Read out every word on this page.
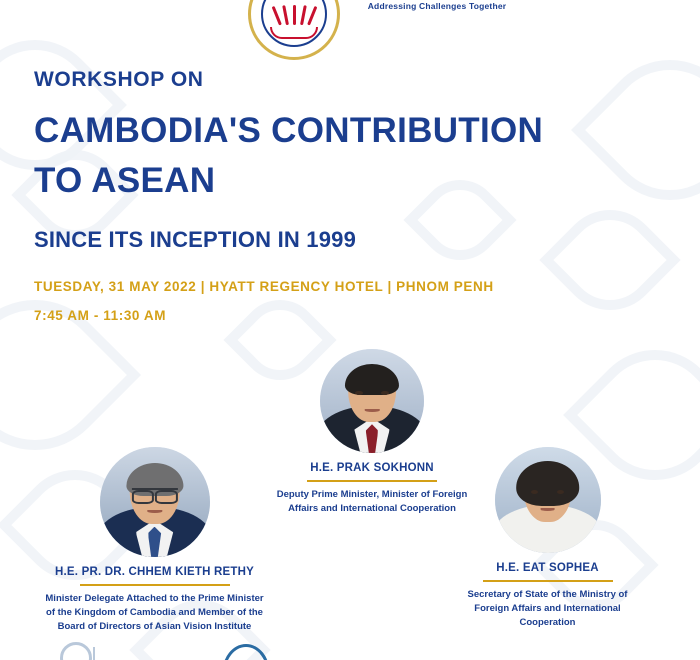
Addressing Challenges Together
WORKSHOP ON
CAMBODIA'S CONTRIBUTION
TO ASEAN
SINCE ITS INCEPTION IN 1999
TUESDAY, 31 MAY 2022 | HYATT REGENCY HOTEL | PHNOM PENH
7:45 AM - 11:30 AM
H.E. PRAK SOKHONN
Deputy Prime Minister, Minister of Foreign Affairs and International Cooperation
H.E. PR. DR. CHHEM KIETH RETHY
Minister Delegate Attached to the Prime Minister of the Kingdom of Cambodia and Member of the Board of Directors of Asian Vision Institute
H.E. EAT SOPHEA
Secretary of State of the Ministry of Foreign Affairs and International Cooperation
